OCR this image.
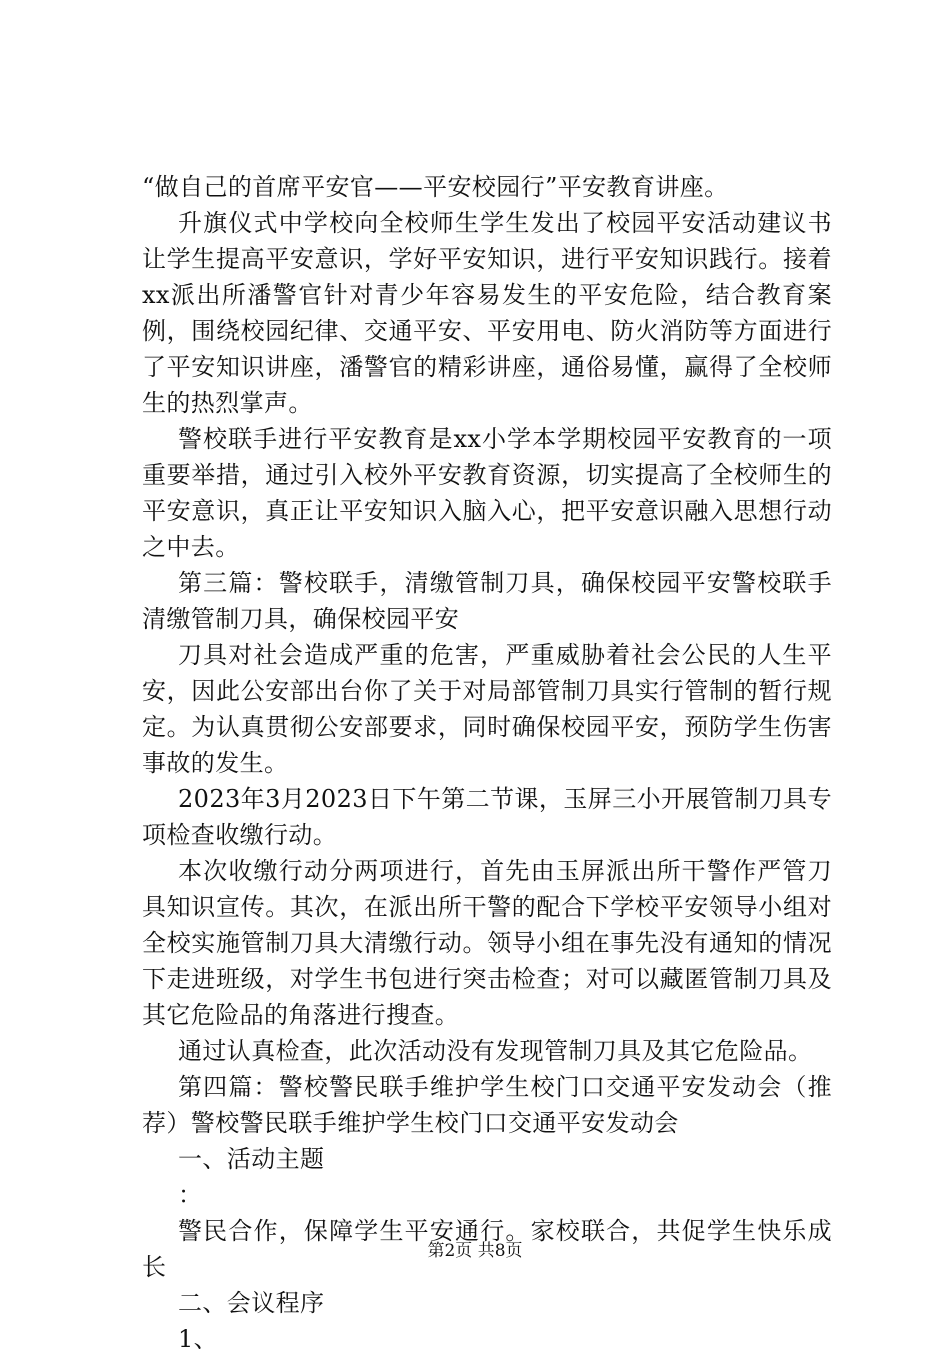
“做自己的首席平安官——平安校园行”平安教育讲座。

升旗仪式中学校向全校师生学生发出了校园平安活动建议书让学生提高平安意识，学好平安知识，进行平安知识践行。接着xx派出所潘警官针对青少年容易发生的平安危险，结合教育案例，围绕校园纪律、交通平安、平安用电、防火消防等方面进行了平安知识讲座，潘警官的精彩讲座，通俗易懂，赢得了全校师生的热烈掌声。

警校联手进行平安教育是xx小学本学期校园平安教育的一项重要举措，通过引入校外平安教育资源，切实提高了全校师生的平安意识，真正让平安知识入脑入心，把平安意识融入思想行动之中去。

第三篇：警校联手，清缴管制刀具，确保校园平安警校联手清缴管制刀具，确保校园平安

刀具对社会造成严重的危害，严重威胁着社会公民的人生平安，因此公安部出台你了关于对局部管制刀具实行管制的暂行规定。为认真贯彻公安部要求，同时确保校园平安，预防学生伤害事故的发生。

2023年3月2023日下午第二节课，玉屏三小开展管制刀具专项检查收缴行动。

本次收缴行动分两项进行，首先由玉屏派出所干警作严管刀具知识宣传。其次，在派出所干警的配合下学校平安领导小组对全校实施管制刀具大清缴行动。领导小组在事先没有通知的情况下走进班级，对学生书包进行突击检查；对可以藏匿管制刀具及其它危险品的角落进行搜查。

通过认真检查，此次活动没有发现管制刀具及其它危险品。

第四篇：警校警民联手维护学生校门口交通平安发动会（推荐）警校警民联手维护学生校门口交通平安发动会

一、活动主题

：

警民合作，保障学生平安通行。家校联合，共促学生快乐成长

二、会议程序

1、

第2页 共8页
